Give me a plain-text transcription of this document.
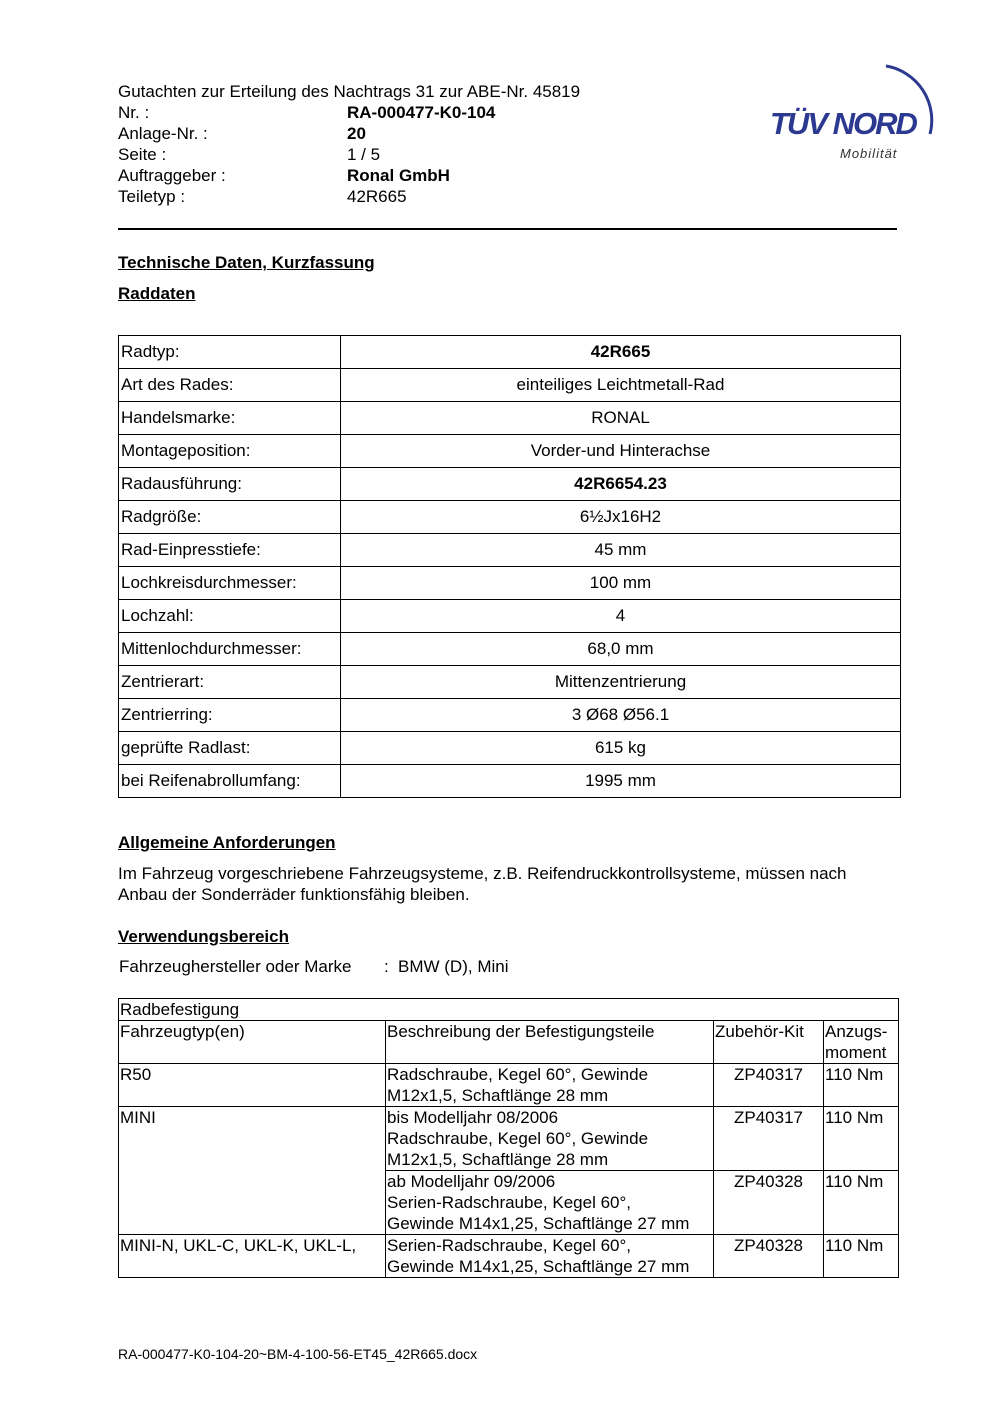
Gutachten zur Erteilung des Nachtrags 31 zur ABE-Nr. 45819
Nr. :	RA-000477-K0-104
Anlage-Nr. :	20
Seite :	1 / 5
Auftraggeber :	Ronal GmbH
Teiletyp :	42R665
TÜV NORD
Mobilität
Technische Daten, Kurzfassung
Raddaten
Radtyp:	42R665
Art des Rades:	einteiliges Leichtmetall-Rad
Handelsmarke:	RONAL
Montageposition:	Vorder-und Hinterachse
Radausführung:	42R6654.23
Radgröße:	6½Jx16H2
Rad-Einpresstiefe:	45 mm
Lochkreisdurchmesser:	100 mm
Lochzahl:	4
Mittenlochdurchmesser:	68,0 mm
Zentrierart:	Mittenzentrierung
Zentrierring:	3 Ø68 Ø56.1
geprüfte Radlast:	615 kg
bei Reifenabrollumfang:	1995 mm
Allgemeine Anforderungen
Im Fahrzeug vorgeschriebene Fahrzeugsysteme, z.B. Reifendruckkontrollsysteme, müssen nach Anbau der Sonderräder funktionsfähig bleiben.
Verwendungsbereich
Fahrzeughersteller oder Marke : BMW (D), Mini
Radbefestigung			
Fahrzeugtyp(en)	Beschreibung der Befestigungsteile	Zubehör-Kit	Anzugs-
moment
R50	Radschraube, Kegel 60°, Gewinde
M12x1,5, Schaftlänge 28 mm	ZP40317	110 Nm
MINI	bis Modelljahr 08/2006
Radschraube, Kegel 60°, Gewinde
M12x1,5, Schaftlänge 28 mm	ZP40317	110 Nm
	ab Modelljahr 09/2006
Serien-Radschraube, Kegel 60°,
Gewinde M14x1,25, Schaftlänge 27 mm	ZP40328	110 Nm
MINI-N, UKL-C, UKL-K, UKL-L,	Serien-Radschraube, Kegel 60°,
Gewinde M14x1,25, Schaftlänge 27 mm	ZP40328	110 Nm
RA-000477-K0-104-20~BM-4-100-56-ET45_42R665.docx
